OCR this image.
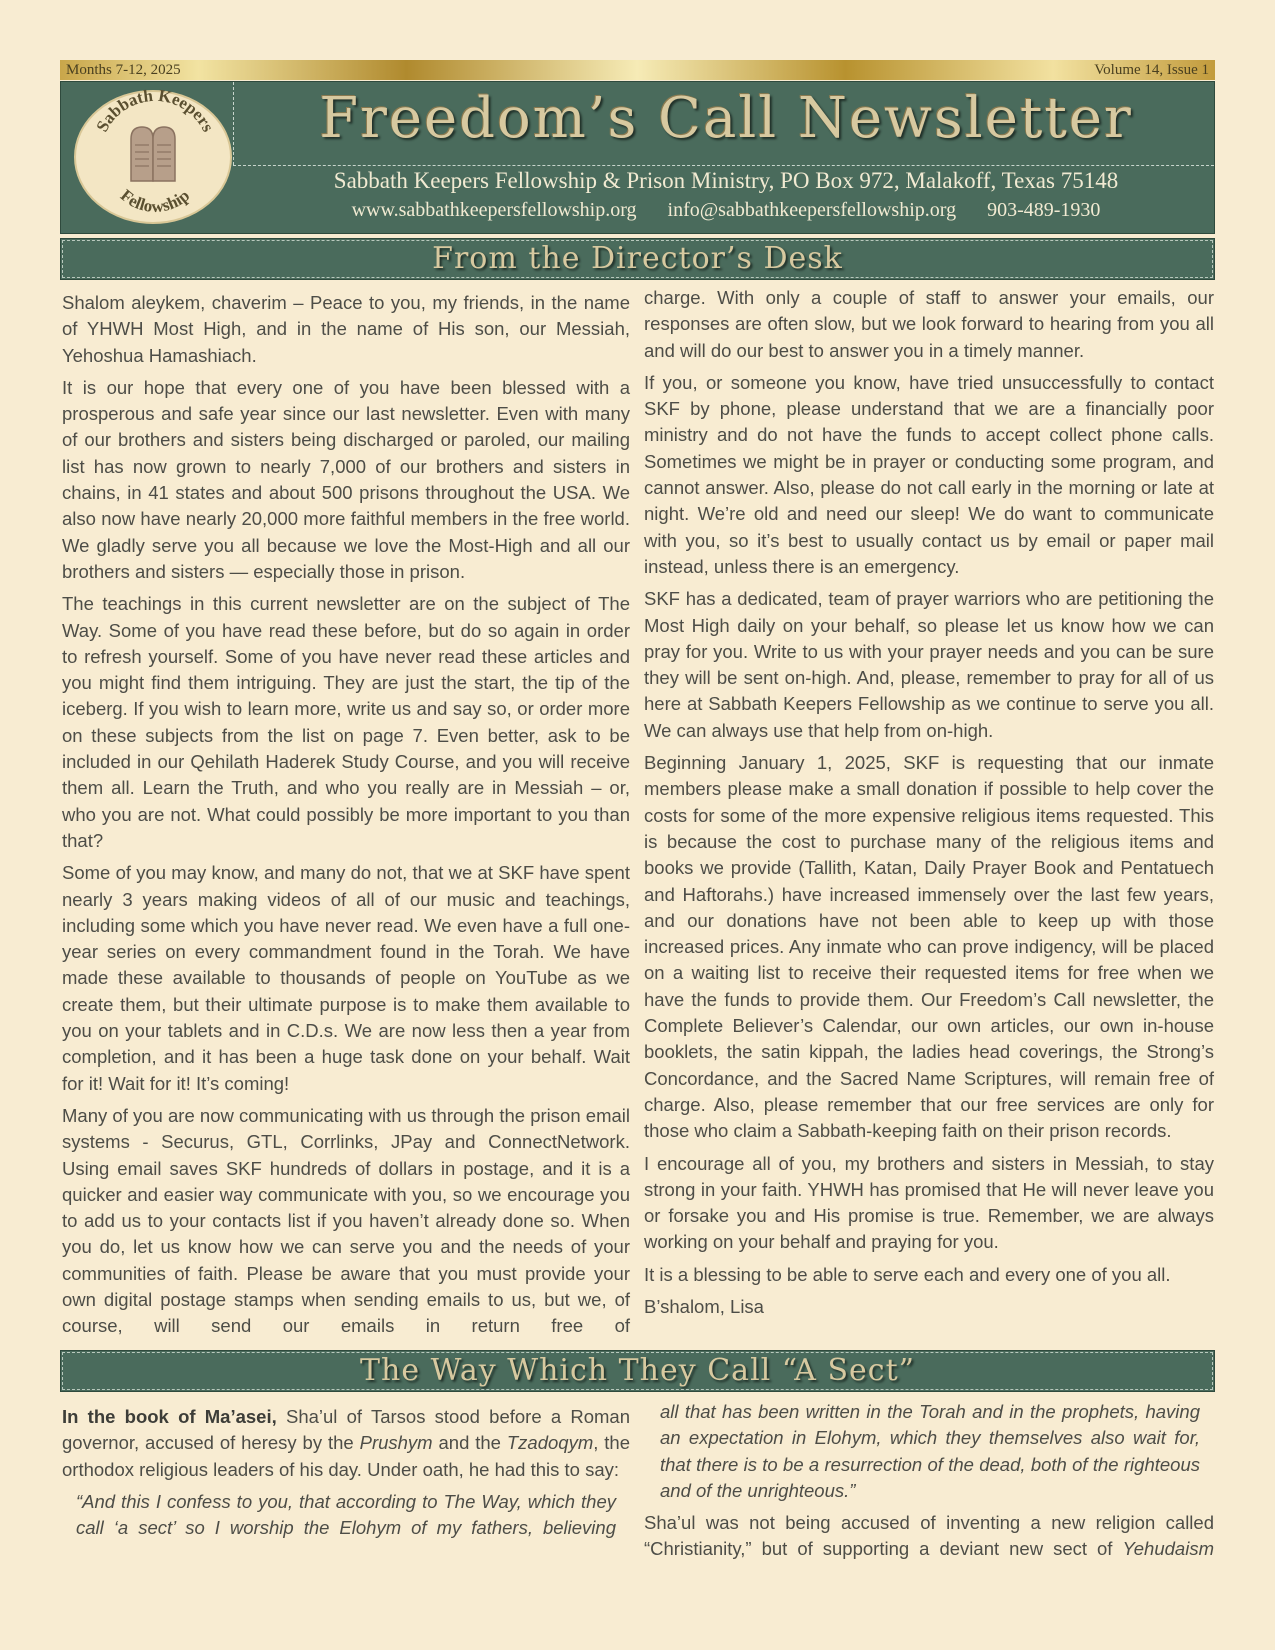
Months 7-12, 2025	Volume 14, Issue 1
Sabbath Keepers
Fellowship
Freedom’s Call Newsletter
Sabbath Keepers Fellowship & Prison Ministry, PO Box 972, Malakoff, Texas 75148
www.sabbathkeepersfellowship.org info@sabbathkeepersfellowship.org 903-489-1930
From the Director’s Desk

Shalom aleykem, chaverim – Peace to you, my friends, in the name of YHWH Most High, and in the name of His son, our Messiah, Yehoshua Hamashiach.

It is our hope that every one of you have been blessed with a prosperous and safe year since our last newsletter. Even with many of our brothers and sisters being discharged or paroled, our mailing list has now grown to nearly 7,000 of our brothers and sisters in chains, in 41 states and about 500 prisons throughout the USA. We also now have nearly 20,000 more faithful members in the free world. We gladly serve you all because we love the Most-High and all our brothers and sisters — especially those in prison.

The teachings in this current newsletter are on the subject of The Way. Some of you have read these before, but do so again in order to refresh yourself. Some of you have never read these articles and you might find them intriguing. They are just the start, the tip of the iceberg. If you wish to learn more, write us and say so, or order more on these subjects from the list on page 7. Even better, ask to be included in our Qehilath Haderek Study Course, and you will receive them all. Learn the Truth, and who you really are in Messiah – or, who you are not. What could possibly be more important to you than that?

Some of you may know, and many do not, that we at SKF have spent nearly 3 years making videos of all of our music and teachings, including some which you have never read. We even have a full one-year series on every commandment found in the Torah. We have made these available to thousands of people on YouTube as we create them, but their ultimate purpose is to make them available to you on your tablets and in C.D.s. We are now less then a year from completion, and it has been a huge task done on your behalf. Wait for it! Wait for it! It’s coming!

Many of you are now communicating with us through the prison email systems - Securus, GTL, Corrlinks, JPay and ConnectNetwork. Using email saves SKF hundreds of dollars in postage, and it is a quicker and easier way communicate with you, so we encourage you to add us to your contacts list if you haven’t already done so. When you do, let us know how we can serve you and the needs of your communities of faith. Please be aware that you must provide your own digital postage stamps when sending emails to us, but we, of course, will send our emails in return free of

charge. With only a couple of staff to answer your emails, our responses are often slow, but we look forward to hearing from you all and will do our best to answer you in a timely manner.

If you, or someone you know, have tried unsuccessfully to contact SKF by phone, please understand that we are a financially poor ministry and do not have the funds to accept collect phone calls. Sometimes we might be in prayer or conducting some program, and cannot answer. Also, please do not call early in the morning or late at night. We’re old and need our sleep! We do want to communicate with you, so it’s best to usually contact us by email or paper mail instead, unless there is an emergency.

SKF has a dedicated, team of prayer warriors who are petitioning the Most High daily on your behalf, so please let us know how we can pray for you. Write to us with your prayer needs and you can be sure they will be sent on-high. And, please, remember to pray for all of us here at Sabbath Keepers Fellowship as we continue to serve you all. We can always use that help from on-high.

Beginning January 1, 2025, SKF is requesting that our inmate members please make a small donation if possible to help cover the costs for some of the more expensive religious items requested. This is because the cost to purchase many of the religious items and books we provide (Tallith, Katan, Daily Prayer Book and Pentatuech and Haftorahs.) have increased immensely over the last few years, and our donations have not been able to keep up with those increased prices. Any inmate who can prove indigency, will be placed on a waiting list to receive their requested items for free when we have the funds to provide them. Our Freedom’s Call newsletter, the Complete Believer’s Calendar, our own articles, our own in-house booklets, the satin kippah, the ladies head coverings, the Strong’s Concordance, and the Sacred Name Scriptures, will remain free of charge. Also, please remember that our free services are only for those who claim a Sabbath-keeping faith on their prison records.

I encourage all of you, my brothers and sisters in Messiah, to stay strong in your faith. YHWH has promised that He will never leave you or forsake you and His promise is true. Remember, we are always working on your behalf and praying for you.

It is a blessing to be able to serve each and every one of you all.

B’shalom, Lisa

The Way Which They Call “A Sect”

In the book of Ma’asei, Sha’ul of Tarsos stood before a Roman governor, accused of heresy by the Prushym and the Tzadoqym, the orthodox religious leaders of his day. Under oath, he had this to say:

“And this I confess to you, that according to The Way, which they call ‘a sect’ so I worship the Elohym of my fathers, believing

all that has been written in the Torah and in the prophets, having an expectation in Elohym, which they themselves also wait for, that there is to be a resurrection of the dead, both of the righteous and of the unrighteous.”

Sha’ul was not being accused of inventing a new religion called “Christianity,” but of supporting a deviant new sect of Yehudaism
